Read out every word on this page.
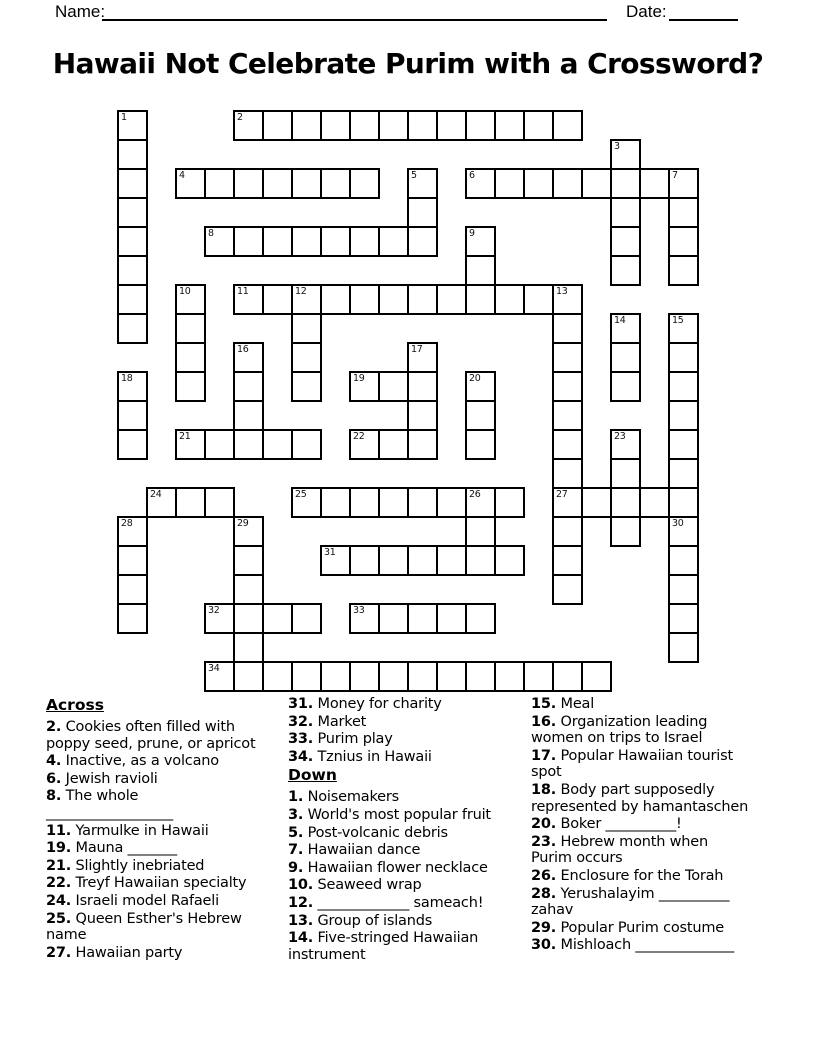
Name:	Date:
Hawaii Not Celebrate Purim with a Crossword?
1	2
3
4	5	6	7
8	9
10	11	12	13
27
14	15
16	17
18	19	20
21	22	23
24	25	26
28	29	30
31
32	33
34
Across

2. Cookies often filled with
poppy seed, prune, or apricot

4. Inactive, as a volcano

6. Jewish ravioli

8. The whole
__________________

11. Yarmulke in Hawaii

19. Mauna _______

21. Slightly inebriated

22. Treyf Hawaiian specialty

24. Israeli model Rafaeli

25. Queen Esther's Hebrew
name

27. Hawaiian party

31. Money for charity

32. Market

33. Purim play

34. Tznius in Hawaii

Down

1. Noisemakers

3. World's most popular fruit

5. Post-volcanic debris

7. Hawaiian dance

9. Hawaiian flower necklace

10. Seaweed wrap

12. _____________ sameach!

13. Group of islands

14. Five-stringed Hawaiian
instrument

15. Meal

16. Organization leading
women on trips to Israel

17. Popular Hawaiian tourist
spot

18. Body part supposedly
represented by hamantaschen

20. Boker __________!

23. Hebrew month when
Purim occurs

26. Enclosure for the Torah

28. Yerushalayim __________
zahav

29. Popular Purim costume

30. Mishloach ______________
